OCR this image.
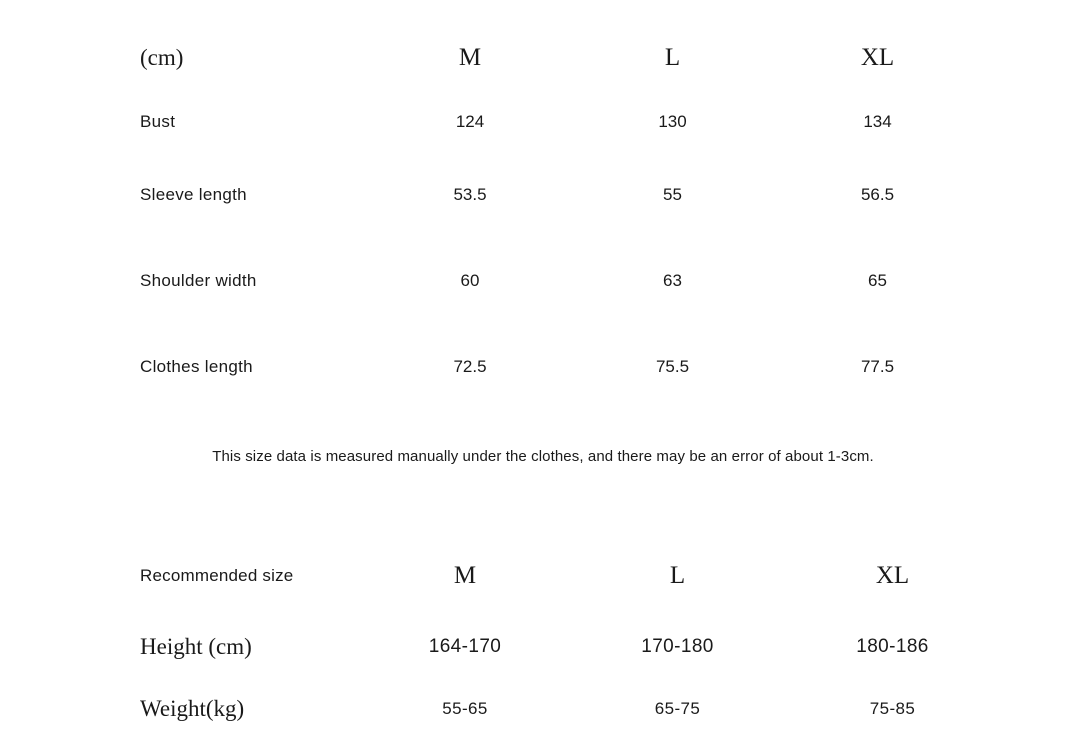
(cm)	M	L	XL
Bust	124	130	134
Sleeve length	53.5	55	56.5
Shoulder width	60	63	65
Clothes length	72.5	75.5	77.5
This size data is measured manually under the clothes, and there may be an error of about 1-3cm.
Recommended size	M	L	XL
Height (cm)	164-170	170-180	180-186
Weight(kg)	55-65	65-75	75-85
